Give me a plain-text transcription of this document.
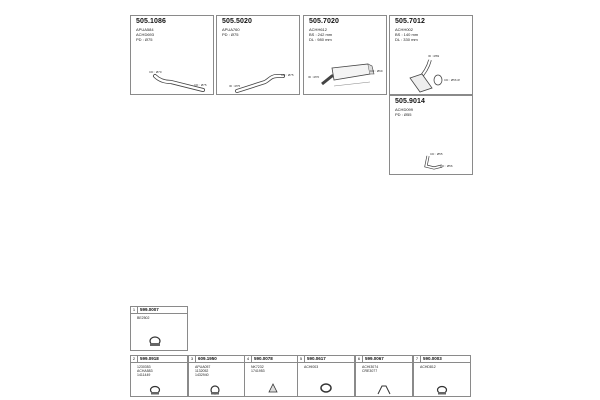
505.1086
APUA584
ACHD693
PD : Ø75
CD : Ø70
CD : Ø75
505.5020
APUA760
PD : Ø75
CD : Ø75
ID : Ø75
505.7020
ACHH612
BS : 242 mm
DL : 980 mm
CD : Ø69
ID : Ø70
505.7012
ACHH002
BS : 140 mm
DL : 330 mm
ID : Ø69
CD : Ø56 Ø
505.9014
ACHD099
PD : Ø55
CD : Ø55
CD : Ø56
1	599.0007
BE2502
2	599.0918
1230353
ACHA583
1411449
3	609.1950
APUA057
1132052
1432940
4	590.0078
NK7232
1741953
5	590.0617
ACHI003
6	599.0067
ACHI3074
CRE3077
7	590.0003
ACHD812
